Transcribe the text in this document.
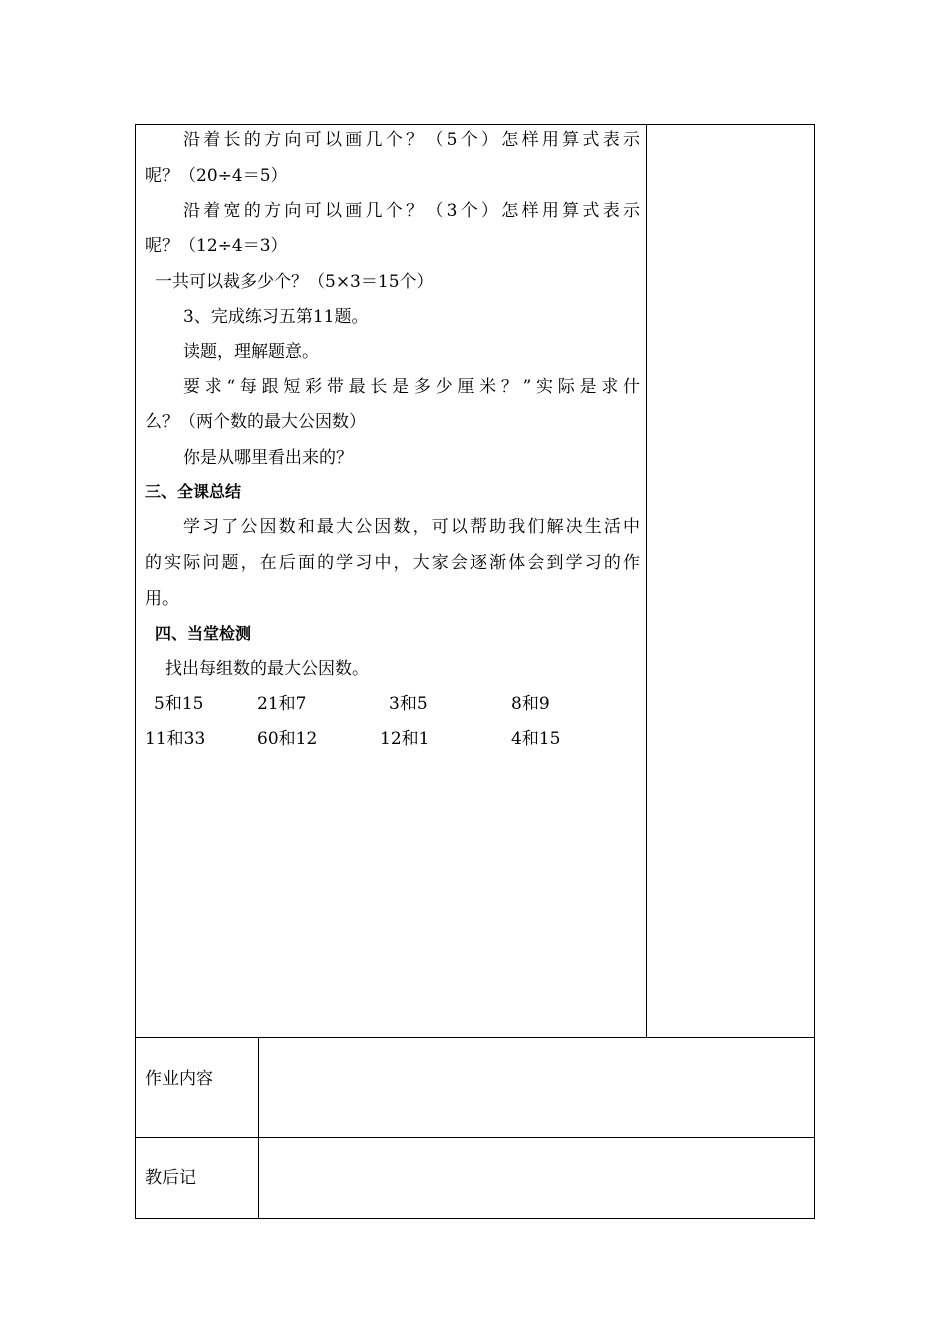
沿着长的方向可以画几个？（5个）怎样用算式表示
呢？（20÷4＝5）
沿着宽的方向可以画几个？（3个）怎样用算式表示
呢？（12÷4＝3）
一共可以裁多少个？（5×3＝15个）
3、完成练习五第11题。
读题，理解题意。
要求“每跟短彩带最长是多少厘米？”实际是求什
么？（两个数的最大公因数）
你是从哪里看出来的？
三、全课总结
学习了公因数和最大公因数，可以帮助我们解决生活中
的实际问题，在后面的学习中，大家会逐渐体会到学习的作
用。
四、当堂检测
找出每组数的最大公因数。
5和15	21和7	3和5	8和9
11和33	60和12	12和1	4和15
作业内容
教后记
